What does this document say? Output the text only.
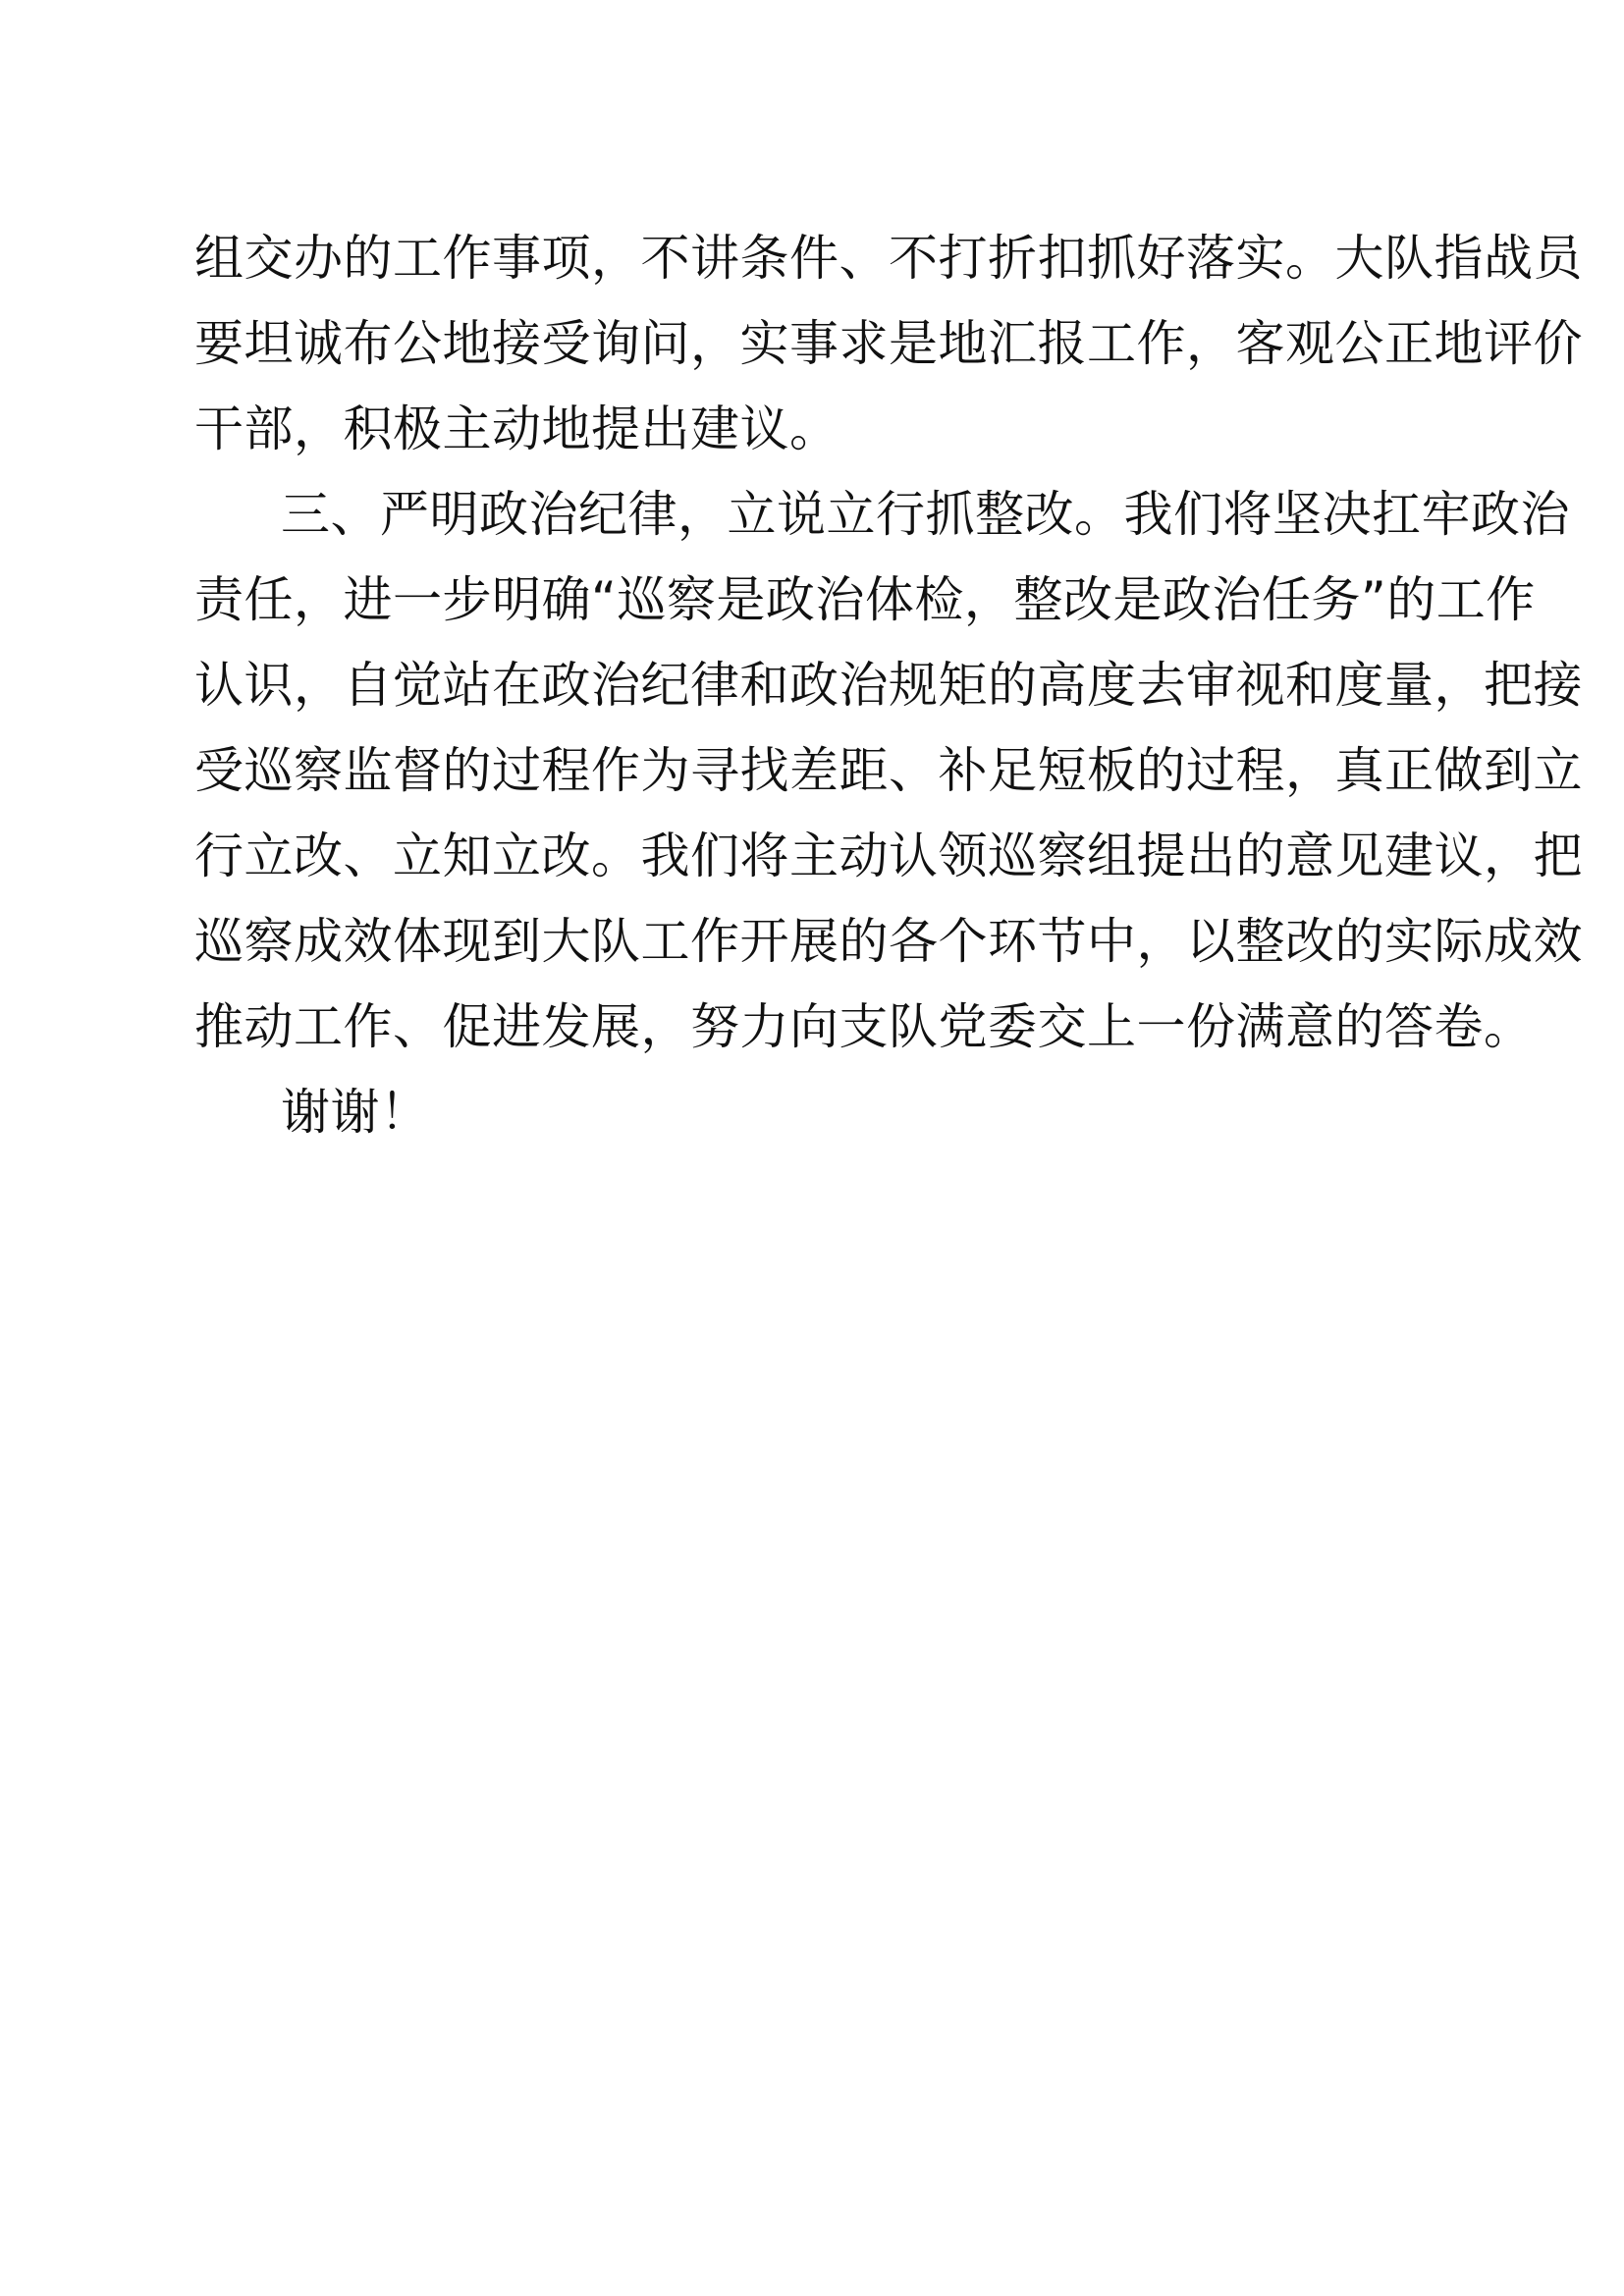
组交办的工作事项，不讲条件、不打折扣抓好落实。大队指战员
要坦诚布公地接受询问，实事求是地汇报工作，客观公正地评价
干部，积极主动地提出建议。
三、严明政治纪律，立说立行抓整改。我们将坚决扛牢政治
责任，进一步明确“巡察是政治体检，整改是政治任务”的工作
认识，自觉站在政治纪律和政治规矩的高度去审视和度量，把接
受巡察监督的过程作为寻找差距、补足短板的过程，真正做到立
行立改、立知立改。我们将主动认领巡察组提出的意见建议，把
巡察成效体现到大队工作开展的各个环节中，以整改的实际成效
推动工作、促进发展，努力向支队党委交上一份满意的答卷。
谢谢！
